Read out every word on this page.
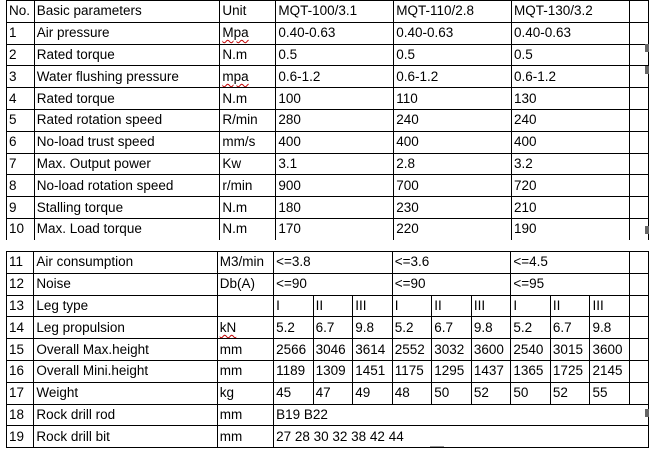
No.	Basic parameters	Unit	MQT-100/3.1	MQT-110/2.8	MQT-130/3.2	
1	Air pressure	Mpa	0.40-0.63	0.40-0.63	0.40-0.63	
2	Rated torque	N.m	0.5	0.5	0.5	
3	Water flushing pressure	mpa	0.6-1.2	0.6-1.2	0.6-1.2	
4	Rated torque	N.m	100	110	130	
5	Rated rotation speed	R/min	280	240	240	
6	No-load trust speed	mm/s	400	400	400	
7	Max. Output power	Kw	3.1	2.8	3.2	
8	No-load rotation speed	r/min	900	700	720	
9	Stalling torque	N.m	180	230	210	
10	Max. Load torque	N.m	170	220	190	
11	Air consumption	M3/min	<=3.8			<=3.6			<=4.5			
12	Noise	Db(A)	<=90			<=90			<=95			
13	Leg type		I	II	III	I	II	III	I	II	III	
14	Leg propulsion	kN	5.2	6.7	9.8	5.2	6.7	9.8	5.2	6.7	9.8	
15	Overall Max.height	mm	2566	3046	3614	2552	3032	3600	2540	3015	3600	
16	Overall Mini.height	mm	1189	1309	1451	1175	1295	1437	1365	1725	2145	
17	Weight	kg	45	47	49	48	50	52	50	52	55	
18	Rock drill rod	mm	B19 B22									
19	Rock drill bit	mm	27 28 30 32 38 42 44									
